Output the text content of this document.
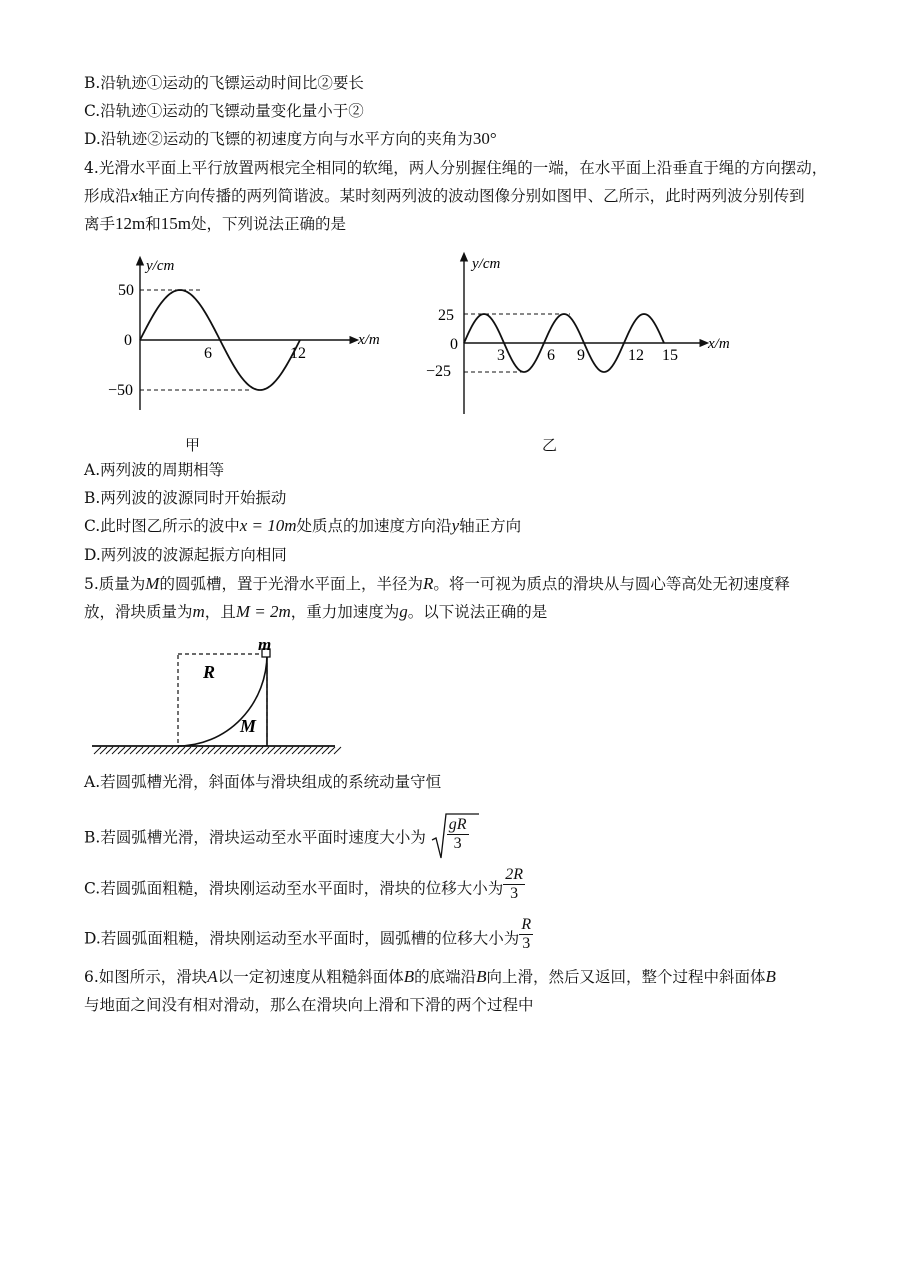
B.沿轨迹①运动的飞镖运动时间比②要长
C.沿轨迹①运动的飞镖动量变化量小于②
D.沿轨迹②运动的飞镖的初速度方向与水平方向的夹角为30°
4.光滑水平面上平行放置两根完全相同的软绳，两人分别握住绳的一端，在水平面上沿垂直于绳的方向摆动，
形成沿x轴正方向传播的两列简谐波。某时刻两列波的波动图像分别如图甲、乙所示，此时两列波分别传到
离手12m和15m处，下列说法正确的是
y/cm
x/m
0
50
−50
6	12
甲
y/cm
x/m
0
25
−25
3	6 9	12 15
乙
A.两列波的周期相等
B.两列波的波源同时开始振动
C.此时图乙所示的波中x = 10m处质点的加速度方向沿y轴正方向
D.两列波的波源起振方向相同
5.质量为M的圆弧槽，置于光滑水平面上，半径为R。将一可视为质点的滑块从与圆心等高处无初速度释
放，滑块质量为m，且M = 2m，重力加速度为g。以下说法正确的是
m
R
M
A.若圆弧槽光滑，斜面体与滑块组成的系统动量守恒
B.若圆弧槽光滑，滑块运动至水平面时速度大小为 $\frac{gR}{3}$
C.若圆弧面粗糙，滑块刚运动至水平面时，滑块的位移大小为 $\frac{2R}{3}$
D.若圆弧面粗糙，滑块刚运动至水平面时，圆弧槽的位移大小为 $\frac{R}{3}$
6.如图所示，滑块A以一定初速度从粗糙斜面体B的底端沿B向上滑，然后又返回，整个过程中斜面体B
与地面之间没有相对滑动，那么在滑块向上滑和下滑的两个过程中
